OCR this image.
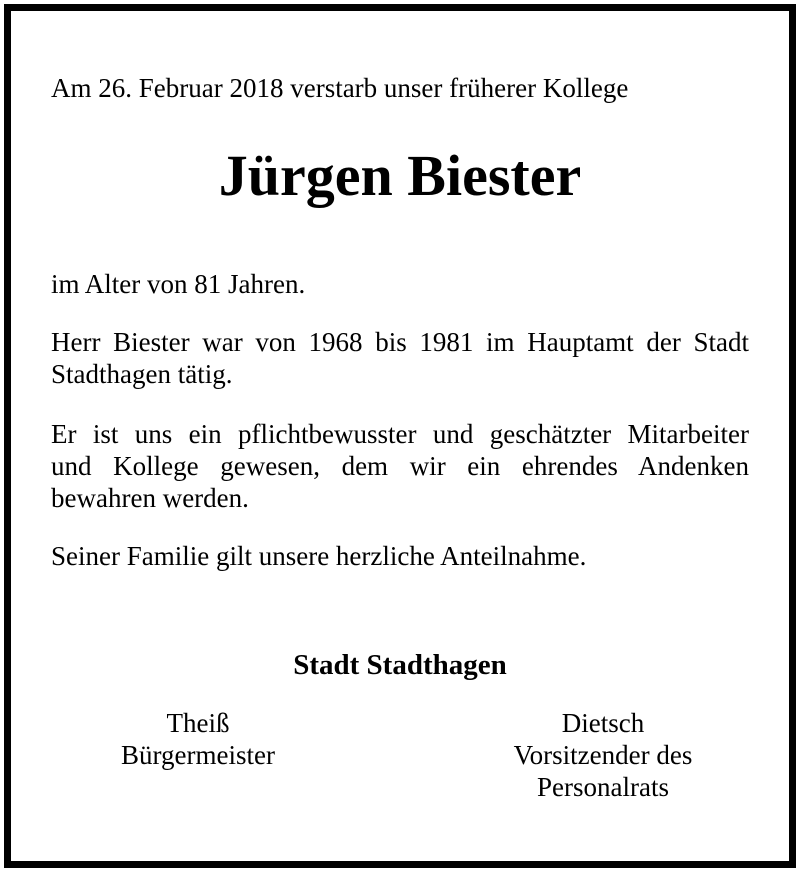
Am 26. Februar 2018 verstarb unser früherer Kollege
Jürgen Biester
im Alter von 81 Jahren.
Herr Biester war von 1968 bis 1981 im Hauptamt der Stadt
Stadthagen tätig.
Er ist uns ein pflichtbewusster und geschätzter Mitarbeiter
und Kollege gewesen, dem wir ein ehrendes Andenken
bewahren werden.
Seiner Familie gilt unsere herzliche Anteilnahme.
Stadt Stadthagen
Theiß
Bürgermeister
Dietsch
Vorsitzender des
Personalrats
